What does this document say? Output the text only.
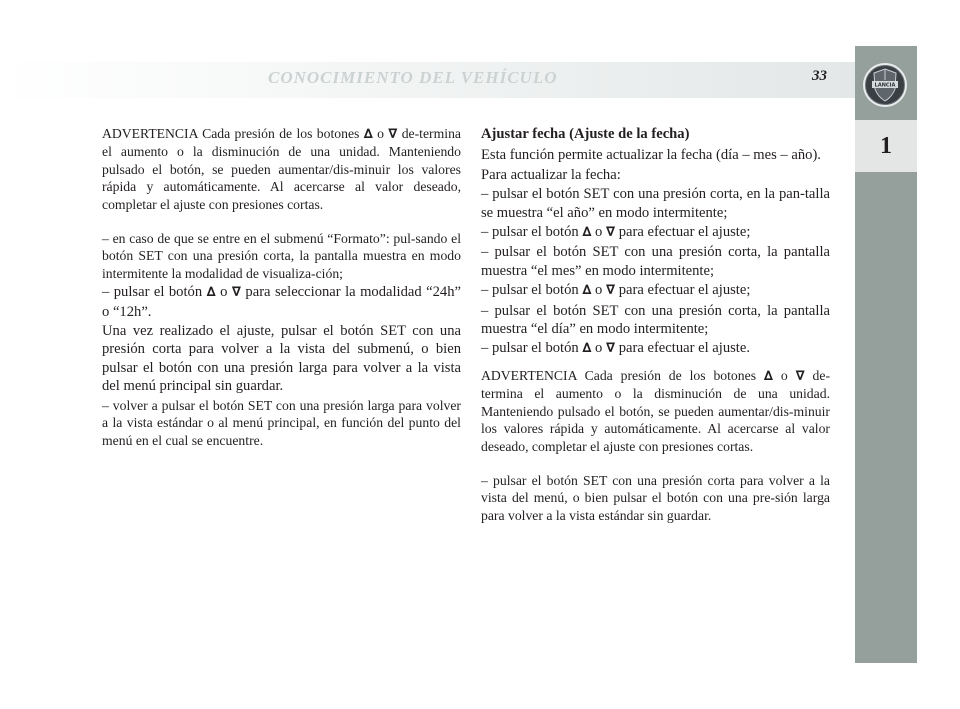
CONOCIMIENTO DEL VEHÍCULO	33
LANCIA
1

ADVERTENCIA Cada presión de los botones ∆ o ∇ de-termina el aumento o la disminución de una unidad. Manteniendo pulsado el botón, se pueden aumentar/dis-minuir los valores rápida y automáticamente. Al acercarse al valor deseado, completar el ajuste con presiones cortas.

– en caso de que se entre en el submenú “Formato”: pul-sando el botón SET con una presión corta, la pantalla muestra en modo intermitente la modalidad de visualiza-ción;

– pulsar el botón ∆ o ∇ para seleccionar la modalidad “24h” o “12h”.

Una vez realizado el ajuste, pulsar el botón SET con una presión corta para volver a la vista del submenú, o bien pulsar el botón con una presión larga para volver a la vista del menú principal sin guardar.

– volver a pulsar el botón SET con una presión larga para volver a la vista estándar o al menú principal, en función del punto del menú en el cual se encuentre.

Ajustar fecha (Ajuste de la fecha)

Esta función permite actualizar la fecha (día – mes – año).

Para actualizar la fecha:

– pulsar el botón SET con una presión corta, en la pan-talla se muestra “el año” en modo intermitente;

– pulsar el botón ∆ o ∇ para efectuar el ajuste;

– pulsar el botón SET con una presión corta, la pantalla muestra “el mes” en modo intermitente;

– pulsar el botón ∆ o ∇ para efectuar el ajuste;

– pulsar el botón SET con una presión corta, la pantalla muestra “el día” en modo intermitente;

– pulsar el botón ∆ o ∇ para efectuar el ajuste.

ADVERTENCIA Cada presión de los botones ∆ o ∇ de-termina el aumento o la disminución de una unidad. Manteniendo pulsado el botón, se pueden aumentar/dis-minuir los valores rápida y automáticamente. Al acercarse al valor deseado, completar el ajuste con presiones cortas.

– pulsar el botón SET con una presión corta para volver a la vista del menú, o bien pulsar el botón con una pre-sión larga para volver a la vista estándar sin guardar.
